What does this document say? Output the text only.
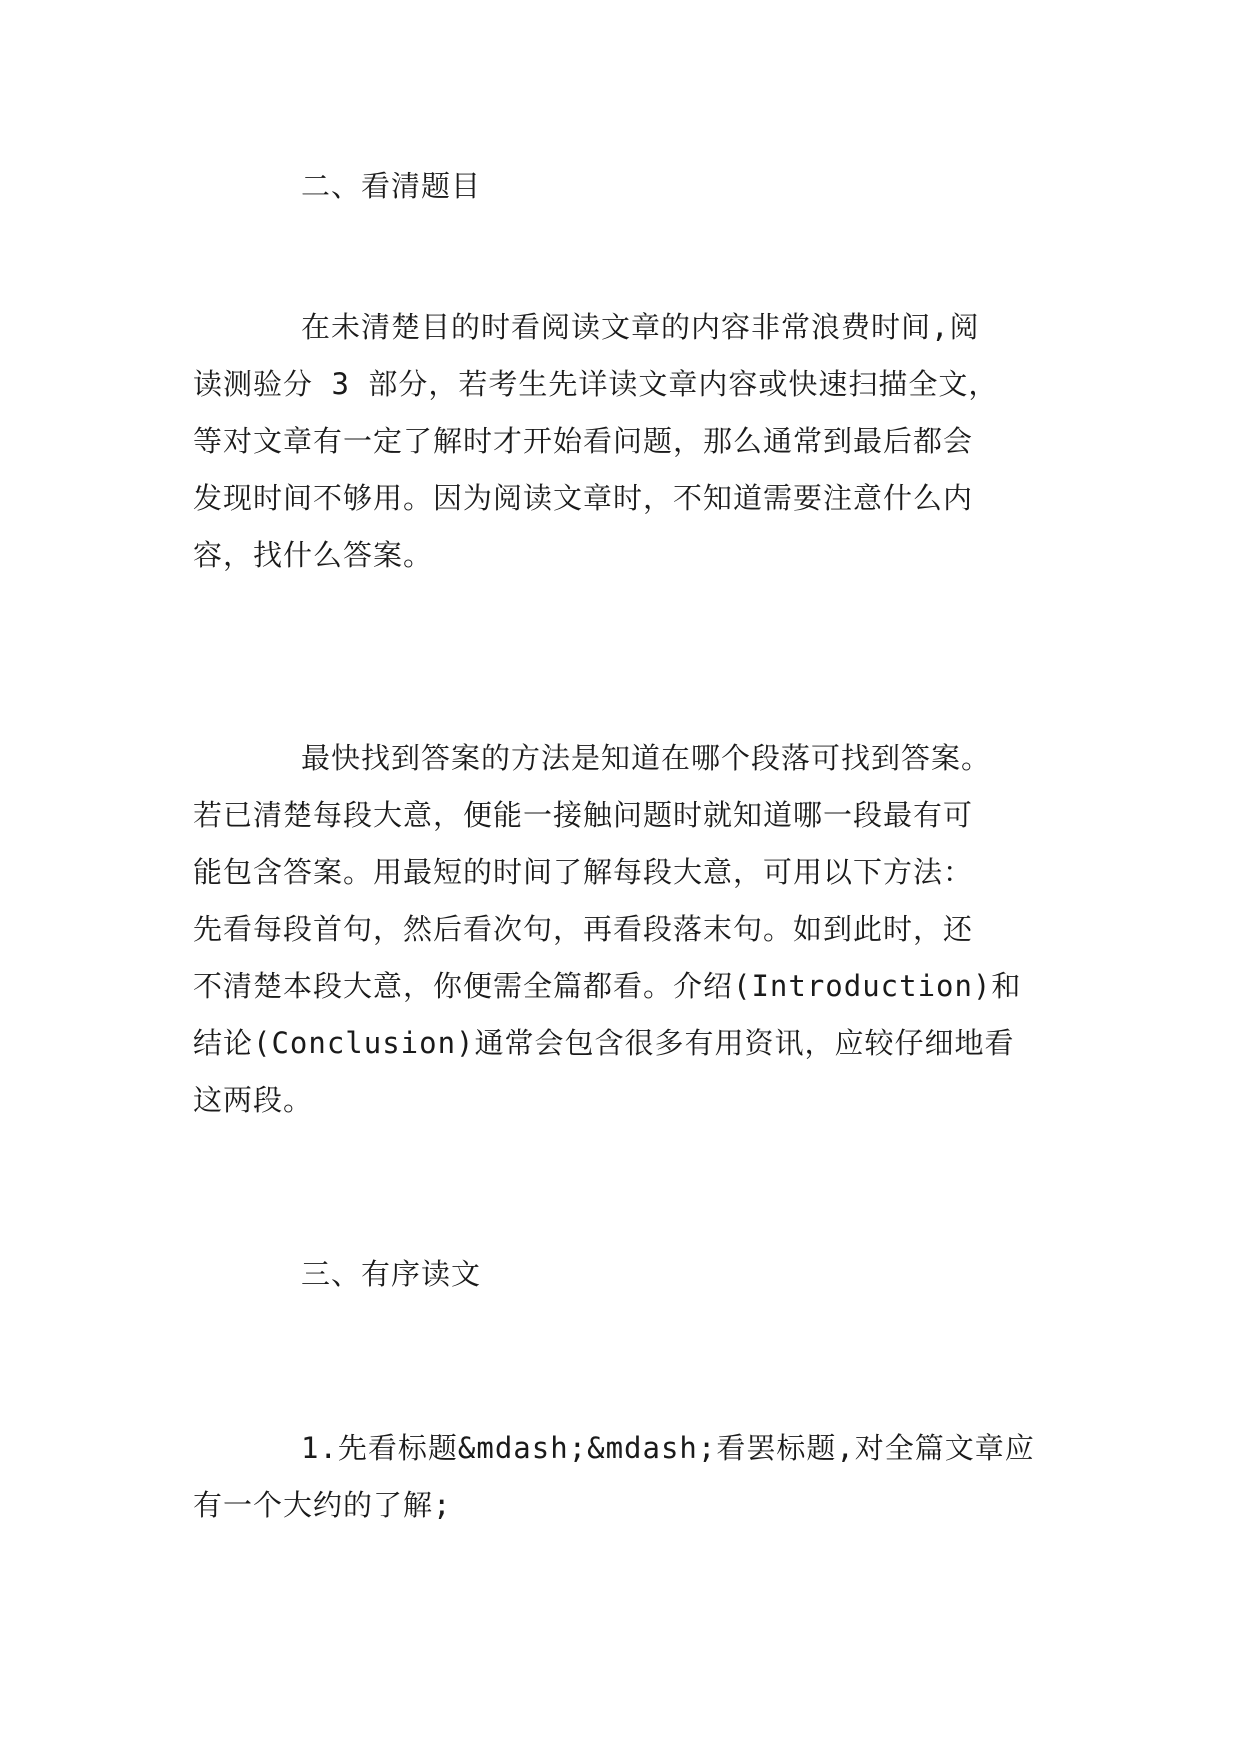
二、看清题目
在未清楚目的时看阅读文章的内容非常浪费时间,阅
读测验分 3 部分，若考生先详读文章内容或快速扫描全文，
等对文章有一定了解时才开始看问题，那么通常到最后都会
发现时间不够用。因为阅读文章时，不知道需要注意什么内
容，找什么答案。
最快找到答案的方法是知道在哪个段落可找到答案。
若已清楚每段大意，便能一接触问题时就知道哪一段最有可
能包含答案。用最短的时间了解每段大意，可用以下方法：
先看每段首句，然后看次句，再看段落末句。如到此时，还
不清楚本段大意，你便需全篇都看。介绍(Introduction)和
结论(Conclusion)通常会包含很多有用资讯，应较仔细地看
这两段。
三、有序读文
1.先看标题&mdash;&mdash;看罢标题,对全篇文章应
有一个大约的了解;
